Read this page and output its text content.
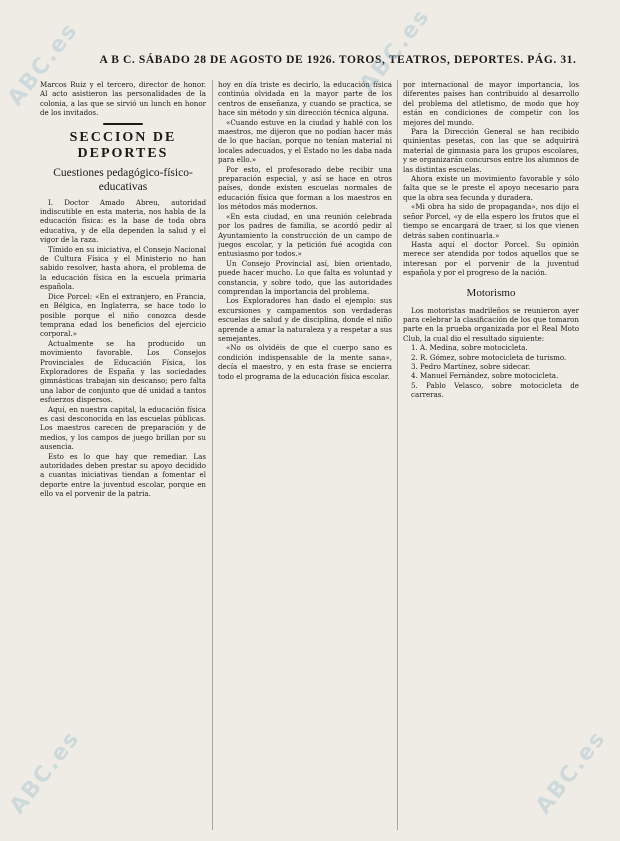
A B C. SÁBADO 28 DE AGOSTO DE 1926. TOROS, TEATROS, DEPORTES. PÁG. 31.

Marcos Ruiz y el tercero, director de honor. Al acto asistieron las personalidades de la colonia, a las que se sirvió un lunch en honor de los invitados.

SECCION DE
DEPORTES
Cuestiones pedagógico-físico-
educativas

I. Doctor Amado Abreu, autoridad indiscutible en esta materia, nos habla de la educación física: es la base de toda obra educativa, y de ella dependen la salud y el vigor de la raza.

Tímido en su iniciativa, el Consejo Nacional de Cultura Física y el Ministerio no han sabido resolver, hasta ahora, el problema de la educación física en la escuela primaria española.

Dice Porcel: «En el extranjero, en Francia, en Bélgica, en Inglaterra, se hace todo lo posible porque el niño conozca desde temprana edad los beneficios del ejercicio corporal.»

Actualmente se ha producido un movimiento favorable. Los Consejos Provinciales de Educación Física, los Exploradores de España y las sociedades gimnásticas trabajan sin descanso; pero falta una labor de conjunto que dé unidad a tantos esfuerzos dispersos.

Aquí, en nuestra capital, la educación física es casi desconocida en las escuelas públicas. Los maestros carecen de preparación y de medios, y los campos de juego brillan por su ausencia.

Esto es lo que hay que remediar. Las autoridades deben prestar su apoyo decidido a cuantas iniciativas tiendan a fomentar el deporte entre la juventud escolar, porque en ello va el porvenir de la patria.

hoy en día triste es decirlo, la educación física continúa olvidada en la mayor parte de los centros de enseñanza, y cuando se practica, se hace sin método y sin dirección técnica alguna.

«Cuando estuve en la ciudad y hablé con los maestros, me dijeron que no podían hacer más de lo que hacían, porque no tenían material ni locales adecuados, y el Estado no les daba nada para ello.»

Por esto, el profesorado debe recibir una preparación especial, y así se hace en otros países, donde existen escuelas normales de educación física que forman a los maestros en los métodos más modernos.

«En esta ciudad, en una reunión celebrada por los padres de familia, se acordó pedir al Ayuntamiento la construcción de un campo de juegos escolar, y la petición fué acogida con entusiasmo por todos.»

Un Consejo Provincial así, bien orientado, puede hacer mucho. Lo que falta es voluntad y constancia, y sobre todo, que las autoridades comprendan la importancia del problema.

Los Exploradores han dado el ejemplo: sus excursiones y campamentos son verdaderas escuelas de salud y de disciplina, donde el niño aprende a amar la naturaleza y a respetar a sus semejantes.

«No os olvidéis de que el cuerpo sano es condición indispensable de la mente sana», decía el maestro, y en esta frase se encierra todo el programa de la educación física escolar.

por internacional de mayor importancia, los diferentes países han contribuido al desarrollo del problema del atletismo, de modo que hoy están en condiciones de competir con los mejores del mundo.

Para la Dirección General se han recibido quinientas pesetas, con las que se adquirirá material de gimnasia para los grupos escolares, y se organizarán concursos entre los alumnos de las distintas escuelas.

Ahora existe un movimiento favorable y sólo falta que se le preste el apoyo necesario para que la obra sea fecunda y duradera.

«Mi obra ha sido de propaganda», nos dijo el señor Porcel, «y de ella espero los frutos que el tiempo se encargará de traer, si los que vienen detrás saben continuarla.»

Hasta aquí el doctor Porcel. Su opinión merece ser atendida por todos aquellos que se interesan por el porvenir de la juventud española y por el progreso de la nación.

Motorismo

Los motoristas madrileños se reunieron ayer para celebrar la clasificación de los que tomaron parte en la prueba organizada por el Real Moto Club, la cual dio el resultado siguiente:

1. A. Medina, sobre motocicleta.

2. R. Gómez, sobre motocicleta de turismo.

3. Pedro Martínez, sobre sidecar.

4. Manuel Fernández, sobre motocicleta.

5. Pablo Velasco, sobre motocicleta de carreras.

ABC.es
ABC.es
ABC.es
ABC.es
